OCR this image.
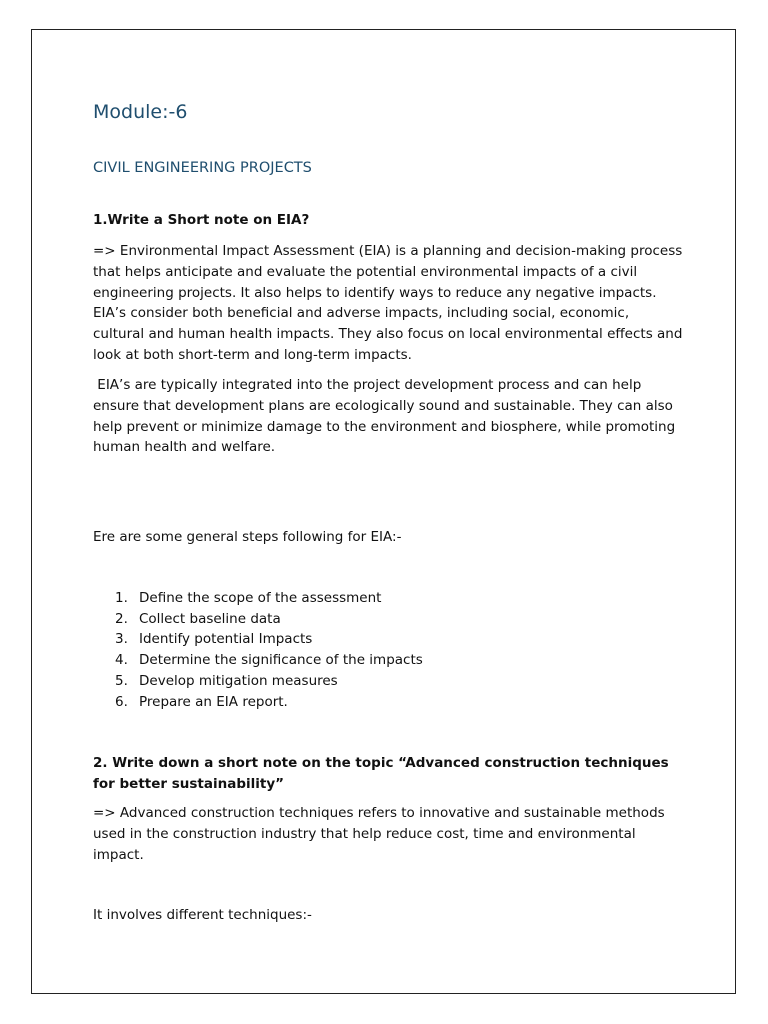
Module:-6
CIVIL ENGINEERING PROJECTS

1.Write a Short note on EIA?

=> Environmental Impact Assessment (EIA) is a planning and decision-making process that helps anticipate and evaluate the potential environmental impacts of a civil engineering projects. It also helps to identify ways to reduce any negative impacts. EIA’s consider both beneficial and adverse impacts, including social, economic, cultural and human health impacts. They also focus on local environmental effects and look at both short-term and long-term impacts.

EIA’s are typically integrated into the project development process and can help ensure that development plans are ecologically sound and sustainable. They can also help prevent or minimize damage to the environment and biosphere, while promoting human health and welfare.

Ere are some general steps following for EIA:-

1. Define the scope of the assessment
2. Collect baseline data
3. Identify potential Impacts
4. Determine the significance of the impacts
5. Develop mitigation measures
6. Prepare an EIA report.

2. Write down a short note on the topic “Advanced construction techniques for better sustainability”

=> Advanced construction techniques refers to innovative and sustainable methods used in the construction industry that help reduce cost, time and environmental impact.

It involves different techniques:-
